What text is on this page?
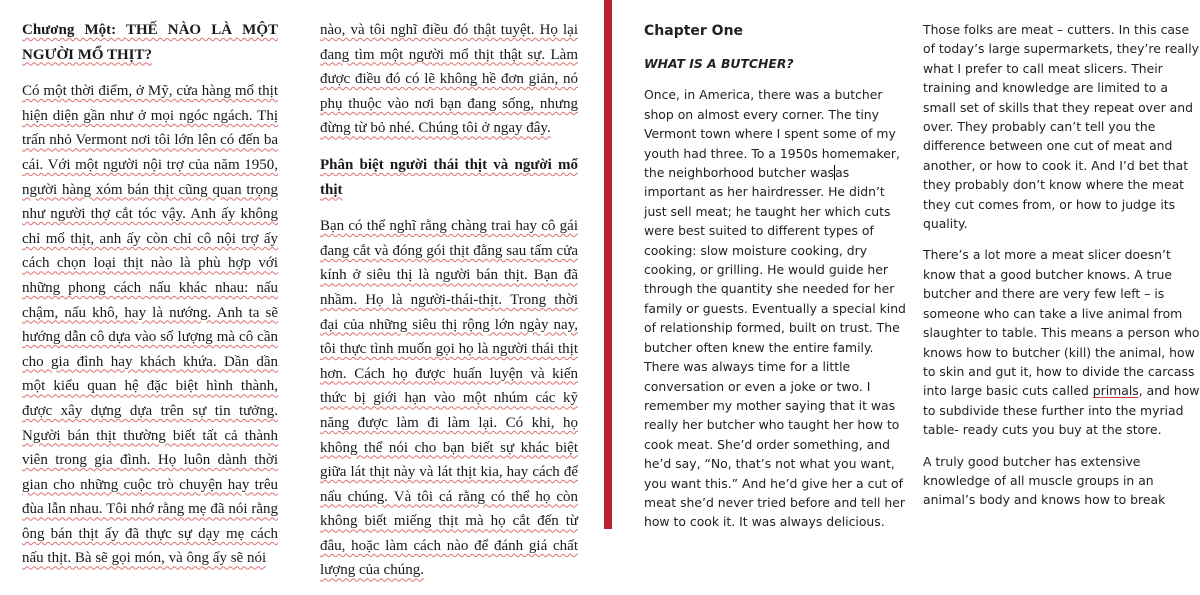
Chương Một: THẾ NÀO LÀ MỘT NGƯỜI MỔ THỊT?

Có một thời điểm, ở Mỹ, cửa hàng mổ thịt hiện diện gần như ở mọi ngóc ngách. Thị trấn nhỏ Vermont nơi tôi lớn lên có đến ba cái. Với một người nội trợ của năm 1950, người hàng xóm bán thịt cũng quan trọng như người thợ cắt tóc vậy. Anh ấy không chỉ mổ thịt, anh ấy còn chỉ cô nội trợ ấy cách chọn loại thịt nào là phù hợp với những phong cách nấu khác nhau: nấu chậm, nấu khô, hay là nướng. Anh ta sẽ hướng dẫn cô dựa vào số lượng mà cô cần cho gia đình hay khách khứa. Dần dần một kiểu quan hệ đặc biệt hình thành, được xây dựng dựa trên sự tin tưởng. Người bán thịt thường biết tất cả thành viên trong gia đình. Họ luôn dành thời gian cho những cuộc trò chuyện hay trêu đùa lẫn nhau. Tôi nhớ rằng mẹ đã nói rằng ông bán thịt ấy đã thực sự dạy mẹ cách nấu thịt. Bà sẽ gọi món, và ông ấy sẽ nói

nào, và tôi nghĩ điều đó thật tuyệt. Họ lại đang tìm một người mổ thịt thật sự. Làm được điều đó có lẽ không hề đơn giản, nó phụ thuộc vào nơi bạn đang sống, nhưng đừng từ bỏ nhé. Chúng tôi ở ngay đây.

Phân biệt người thái thịt và người mổ thịt

Bạn có thể nghĩ rằng chàng trai hay cô gái đang cắt và đóng gói thịt đằng sau tấm cửa kính ở siêu thị là người bán thịt. Bạn đã nhầm. Họ là người-thái-thịt. Trong thời đại của những siêu thị rộng lớn ngày nay, tôi thực tình muốn gọi họ là người thái thịt hơn. Cách họ được huấn luyện và kiến thức bị giới hạn vào một nhúm các kỹ năng được làm đi làm lại. Có khi, họ không thể nói cho bạn biết sự khác biệt giữa lát thịt này và lát thịt kia, hay cách để nấu chúng. Và tôi cá rằng có thể họ còn không biết miếng thịt mà họ cắt đến từ đâu, hoặc làm cách nào để đánh giá chất lượng của chúng.

Chapter One
WHAT IS A BUTCHER?

Once, in America, there was a butcher shop on almost every corner. The tiny Vermont town where I spent some of my youth had three. To a 1950s homemaker, the neighborhood butcher wasas important as her hairdresser. He didn’t just sell meat; he taught her which cuts were best suited to different types of cooking: slow moisture cooking, dry cooking, or grilling. He would guide her through the quantity she needed for her family or guests. Eventually a special kind of relationship formed, built on trust. The butcher often knew the entire family. There was always time for a little conversation or even a joke or two. I remember my mother saying that it was really her butcher who taught her how to cook meat. She’d order something, and he’d say, “No, that’s not what you want, you want this.” And he’d give her a cut of meat she’d never tried before and tell her how to cook it. It was always delicious.

Those folks are meat – cutters. In this case of today’s large supermarkets, they’re really what I prefer to call meat slicers. Their training and knowledge are limited to a small set of skills that they repeat over and over. They probably can’t tell you the difference between one cut of meat and another, or how to cook it. And I’d bet that they probably don’t know where the meat they cut comes from, or how to judge its quality.

There’s a lot more a meat slicer doesn’t know that a good butcher knows. A true butcher and there are very few left – is someone who can take a live animal from slaughter to table. This means a person who knows how to butcher (kill) the animal, how to skin and gut it, how to divide the carcass into large basic cuts called primals, and how to subdivide these further into the myriad table- ready cuts you buy at the store.

A truly good butcher has extensive knowledge of all muscle groups in an animal’s body and knows how to break
